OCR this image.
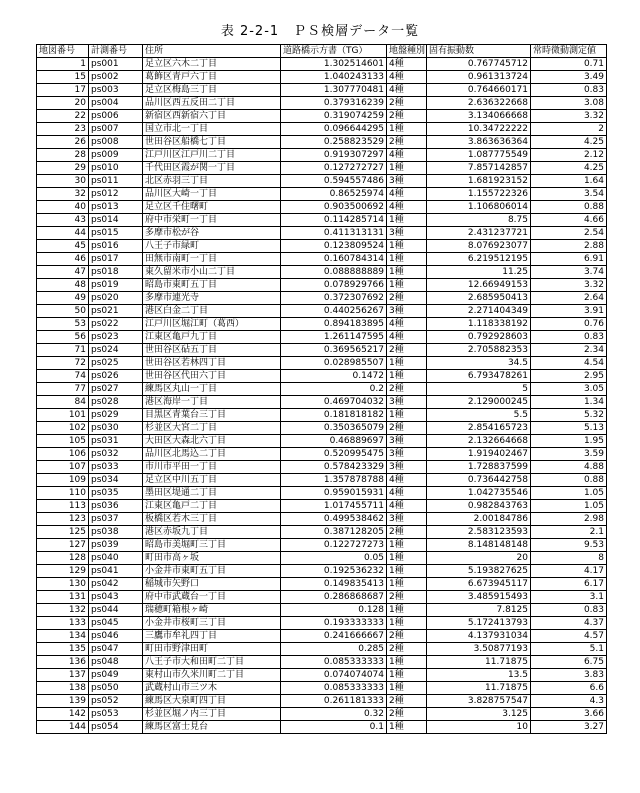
表 2-2-1　ＰＳ検層データ一覧
地図番号	計測番号	住所	道路橋示方書（TG）	地盤種別	固有振動数	常時微動測定値
1	ps001	足立区六木二丁目	1.302514601	4種	0.767745712	0.71
15	ps002	葛飾区青戸六丁目	1.040243133	4種	0.961313724	3.49
17	ps003	足立区梅島三丁目	1.307770481	4種	0.764660171	0.83
20	ps004	品川区西五反田二丁目	0.379316239	2種	2.636322668	3.08
22	ps006	新宿区西新宿六丁目	0.319074259	2種	3.134066668	3.32
23	ps007	国立市北一丁目	0.096644295	1種	10.34722222	2
26	ps008	世田谷区船橋七丁目	0.258823529	2種	3.863636364	4.25
28	ps009	江戸川区江戸川二丁目	0.919307297	4種	1.087775549	2.12
29	ps010	千代田区霞が関一丁目	0.127272727	1種	7.857142857	4.25
30	ps011	北区赤羽三丁目	0.594557486	3種	1.681923152	1.64
32	ps012	品川区大崎一丁目	0.86525974	4種	1.155722326	3.54
40	ps013	足立区千住曙町	0.903500692	4種	1.106806014	0.88
43	ps014	府中市栄町一丁目	0.114285714	1種	8.75	4.66
44	ps015	多摩市松が谷	0.411313131	3種	2.431237721	2.54
45	ps016	八王子市緑町	0.123809524	1種	8.076923077	2.88
46	ps017	田無市南町一丁目	0.160784314	1種	6.219512195	6.91
47	ps018	東久留米市小山二丁目	0.088888889	1種	11.25	3.74
48	ps019	昭島市東町五丁目	0.078929766	1種	12.66949153	3.32
49	ps020	多摩市連光寺	0.372307692	2種	2.685950413	2.64
50	ps021	港区白金二丁目	0.440256267	3種	2.271404349	3.91
53	ps022	江戸川区堀江町（葛西）	0.894183895	4種	1.118338192	0.76
56	ps023	江東区亀戸九丁目	1.261147595	4種	0.792928603	0.83
71	ps024	世田谷区砧五丁目	0.369565217	2種	2.705882353	2.34
72	ps025	世田谷区若林四丁目	0.028985507	1種	34.5	4.54
74	ps026	世田谷区代田六丁目	0.1472	1種	6.793478261	2.95
77	ps027	練馬区丸山一丁目	0.2	2種	5	3.05
84	ps028	港区海岸一丁目	0.469704032	3種	2.129000245	1.34
101	ps029	目黒区青葉台三丁目	0.181818182	1種	5.5	5.32
102	ps030	杉並区大宮二丁目	0.350365079	2種	2.854165723	5.13
105	ps031	大田区大森北六丁目	0.46889697	3種	2.132664668	1.95
106	ps032	品川区北馬込二丁目	0.520995475	3種	1.919402467	3.59
107	ps033	市川市平田一丁目	0.578423329	3種	1.728837599	4.88
109	ps034	足立区中川五丁目	1.357878788	4種	0.736442758	0.88
110	ps035	墨田区堤通二丁目	0.959015931	4種	1.042735546	1.05
113	ps036	江東区亀戸二丁目	1.017455711	4種	0.982843763	1.05
123	ps037	板橋区若木三丁目	0.499538462	3種	2.00184786	2.98
125	ps038	港区赤坂九丁目	0.387128205	2種	2.583123593	2.1
127	ps039	昭島市美堀町三丁目	0.122727273	1種	8.148148148	9.53
128	ps040	町田市高ヶ坂	0.05	1種	20	8
129	ps041	小金井市東町五丁目	0.192536232	1種	5.193827625	4.17
130	ps042	稲城市矢野口	0.149835413	1種	6.673945117	6.17
131	ps043	府中市武蔵台一丁目	0.286868687	2種	3.485915493	3.1
132	ps044	瑞穂町箱根ヶ崎	0.128	1種	7.8125	0.83
133	ps045	小金井市桜町三丁目	0.193333333	1種	5.172413793	4.37
134	ps046	三鷹市牟礼四丁目	0.241666667	2種	4.137931034	4.57
135	ps047	町田市野津田町	0.285	2種	3.50877193	5.1
136	ps048	八王子市大和田町二丁目	0.085333333	1種	11.71875	6.75
137	ps049	東村山市久米川町二丁目	0.074074074	1種	13.5	3.83
138	ps050	武蔵村山市三ツ木	0.085333333	1種	11.71875	6.6
139	ps052	練馬区大泉町四丁目	0.261181333	2種	3.828757547	4.3
142	ps053	杉並区堀ノ内三丁目	0.32	2種	3.125	3.66
144	ps054	練馬区富士見台	0.1	1種	10	3.27
